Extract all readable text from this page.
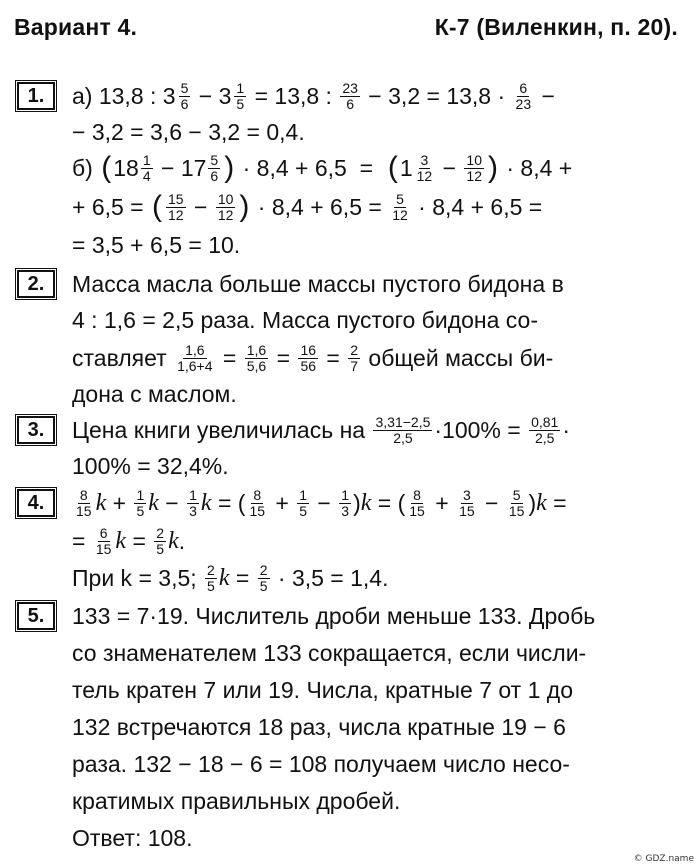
Вариант 4.	К-7 (Виленкин, п. 20).
1.	а) 13,8 : $3 \frac{5}{6} - 3 \frac{1}{5} = 13,8$ : $\frac{23}{6} - 3,2 = 13,8 \cdot \frac{6}{23}$ −
− 3,2 = 3,6 − 3,2 = 0,4.
б) ( $18 \frac{1}{4} - 17 \frac{5}{6}$ ) · 8,4 + 6,5  = ( $1 \frac{3}{12} - \frac{10}{12}$ ) · 8,4 +
+ 6,5 = ( $\frac{15}{12} - \frac{10}{12}$ ) · $8,4 + 6,5 = \frac{5}{12} \cdot 8,4 + 6,5$ =
= 3,5 + 6,5 = 10.
2.	Масса масла больше массы пустого бидона в
4 : 1,6 = 2,5 раза. Масса пустого бидона со-
ставляет
$\frac{1,6}{1,6+4} = \frac{1,6}{5,6} = \frac{16}{56} = \frac{2}{7}$
общей массы би-
дона с маслом.
3.	Цена книги увеличилась на
$\frac{3,31-2,5}{2,5} \cdot 100\% = \frac{0,81}{2,5}$ ·
100% = 32,4%.
4.	$\frac{8}{15}$ $k + \frac{1}{5}$ $k - \frac{1}{3}$ k = ( $\frac{8}{15} + \frac{1}{5} - \frac{1}{3}$ ) k = ( $\frac{8}{15} + \frac{3}{15} - \frac{5}{15}$ ) k =
= $\frac{6}{15}$ $k = \frac{2}{5}$ k .
При k = 3,5;
$\frac{2}{5}$ $k = \frac{2}{5} \cdot 3,5 = 1,4$.
5.	133 = 7·19. Числитель дроби меньше 133. Дробь
со знаменателем 133 сокращается, если числи-
тель кратен 7 или 19. Числа, кратные 7 от 1 до
132 встречаются 18 раз, числа кратные 19 − 6
раза. 132 − 18 − 6 = 108 получаем число несо-
кратимых правильных дробей.
Ответ: 108.
© GDZ.name
